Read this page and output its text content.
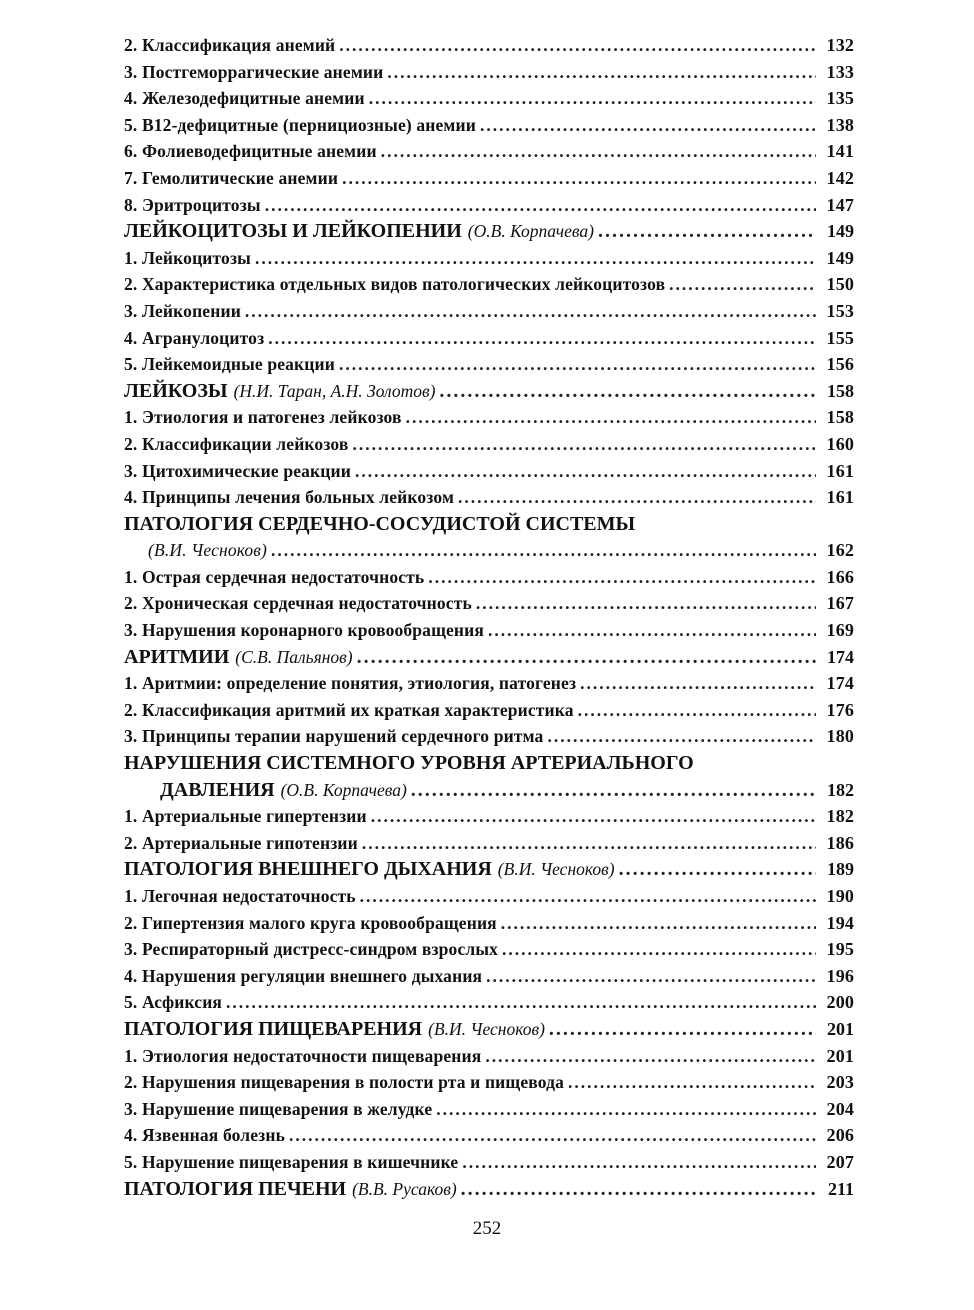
2. Классификация анемий .....	132
3. Постгеморрагические анемии .....	133
4. Железодефицитные анемии .....	135
5. В12-дефицитные (пернициозные) анемии .....	138
6. Фолиеводефицитные анемии .....	141
7. Гемолитические анемии .....	142
8. Эритроцитозы .....	147
ЛЕЙКОЦИТОЗЫ И ЛЕЙКОПЕНИИ (О.В. Корпачева) .....	149
1. Лейкоцитозы .....	149
2. Характеристика отдельных видов патологических лейкоцитозов .....	150
3. Лейкопении .....	153
4. Агранулоцитоз .....	155
5. Лейкемоидные реакции .....	156
ЛЕЙКОЗЫ (Н.И. Таран, А.Н. Золотов) .....	158
1. Этиология и патогенез лейкозов .....	158
2. Классификации лейкозов .....	160
3. Цитохимические реакции .....	161
4. Принципы лечения больных лейкозом .....	161
ПАТОЛОГИЯ СЕРДЕЧНО-СОСУДИСТОЙ СИСТЕМЫ
(В.И. Чесноков) .....	162
1. Острая сердечная недостаточность .....	166
2. Хроническая сердечная недостаточность .....	167
3. Нарушения коронарного кровообращения .....	169
АРИТМИИ (С.В. Пальянов) .....	174
1. Аритмии: определение понятия, этиология, патогенез .....	174
2. Классификация аритмий их краткая характеристика .....	176
3. Принципы терапии нарушений сердечного ритма .....	180
НАРУШЕНИЯ СИСТЕМНОГО УРОВНЯ АРТЕРИАЛЬНОГО
ДАВЛЕНИЯ (О.В. Корпачева) .....	182
1. Артериальные гипертензии .....	182
2. Артериальные гипотензии .....	186
ПАТОЛОГИЯ ВНЕШНЕГО ДЫХАНИЯ (В.И. Чесноков) .....	189
1. Легочная недостаточность .....	190
2. Гипертензия малого круга кровообращения .....	194
3. Респираторный дистресс-синдром взрослых .....	195
4. Нарушения регуляции внешнего дыхания .....	196
5. Асфиксия .....	200
ПАТОЛОГИЯ ПИЩЕВАРЕНИЯ (В.И. Чесноков) .....	201
1. Этиология недостаточности пищеварения .....	201
2. Нарушения пищеварения в полости рта и пищевода .....	203
3. Нарушение пищеварения в желудке .....	204
4. Язвенная болезнь .....	206
5. Нарушение пищеварения в кишечнике .....	207
ПАТОЛОГИЯ ПЕЧЕНИ (В.В. Русаков) .....	211
252
